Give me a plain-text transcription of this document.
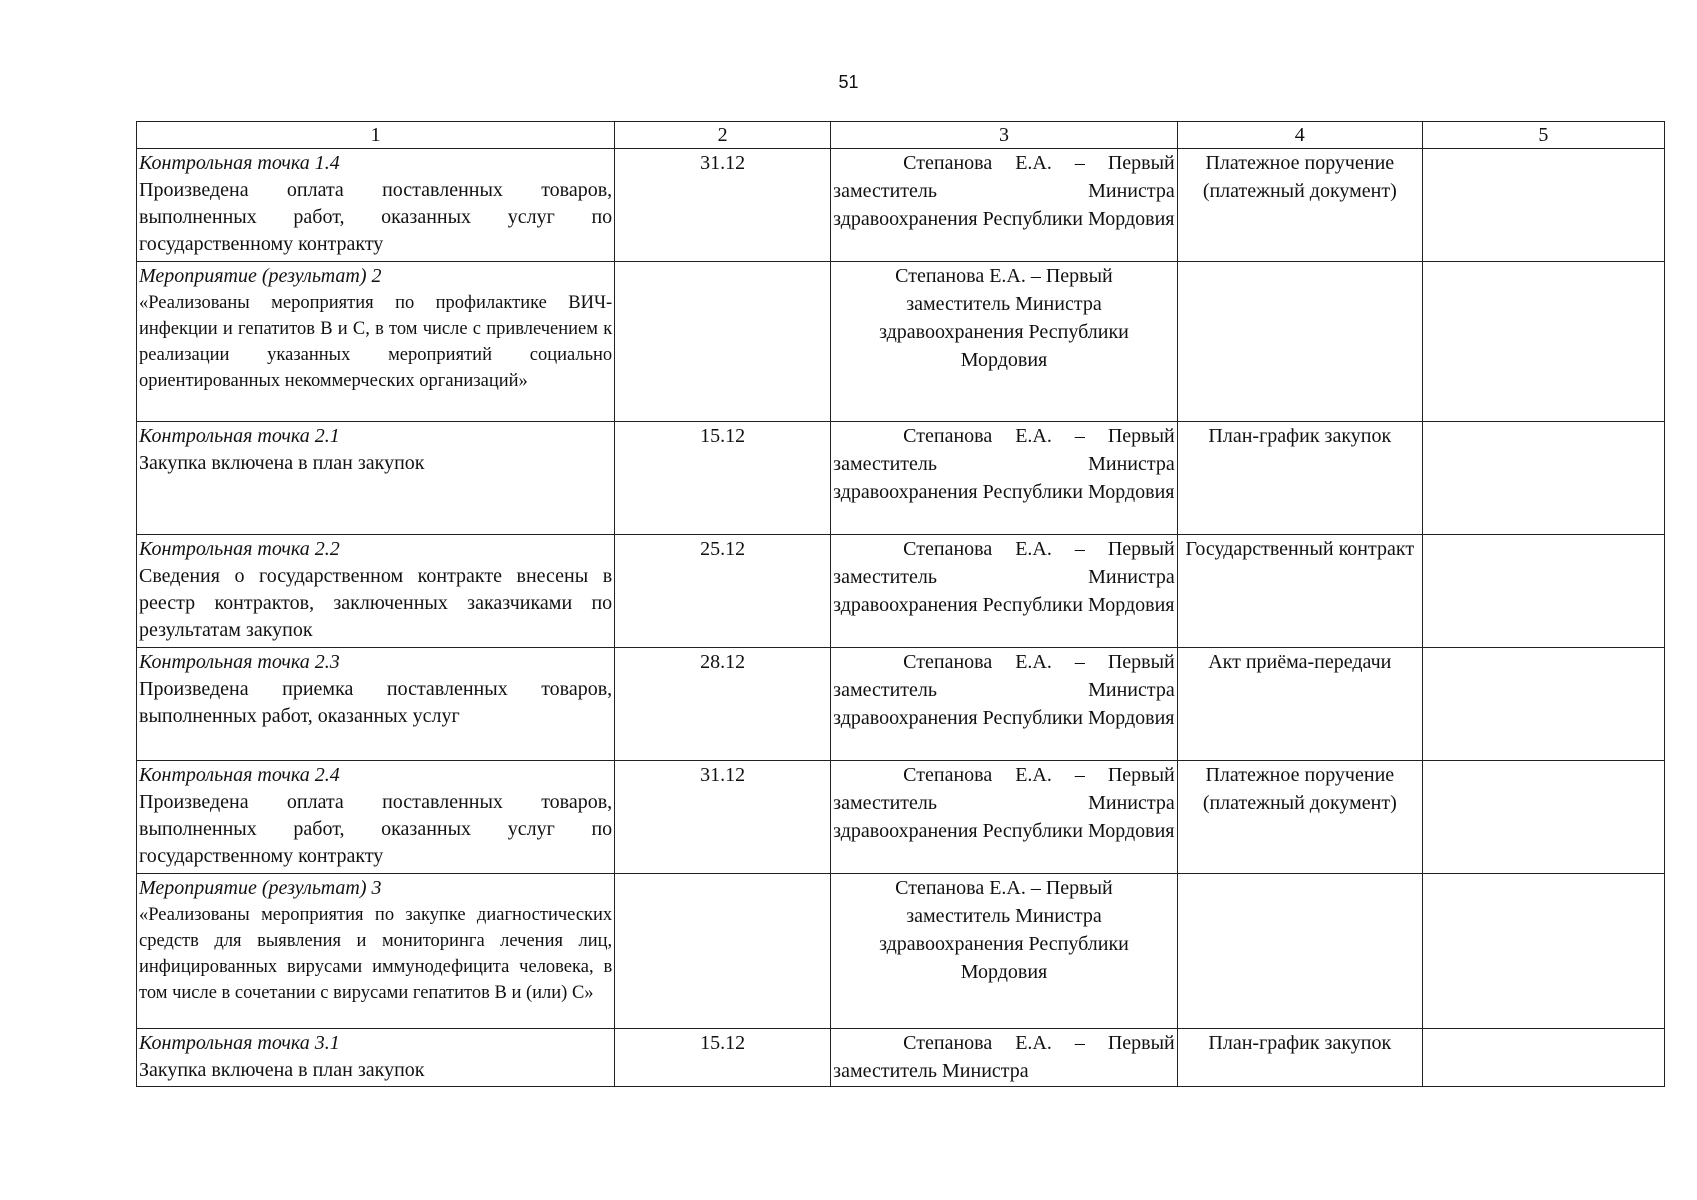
51
1	2	3	4	5

Контрольная точка 1.4
Произведена оплата поставленных товаров, выполненных работ, оказанных услуг по государственному контракту	31.12	Степанова Е.А. – Первый заместитель Министра здравоохранения Республики Мордовия	Платежное поручение (платежный документ)	

Мероприятие (результат) 2
«Реализованы мероприятия по профилактике ВИЧ-инфекции и гепатитов В и С, в том числе с привлечением к реализации указанных мероприятий социально ориентированных некоммерческих организаций»		Степанова Е.А. – Первый заместитель Министра здравоохранения Республики Мордовия		

Контрольная точка 2.1
Закупка включена в план закупок	15.12	Степанова Е.А. – Первый заместитель Министра здравоохранения Республики Мордовия	План-график закупок	

Контрольная точка 2.2
Сведения о государственном контракте внесены в реестр контрактов, заключенных заказчиками по результатам закупок	25.12	Степанова Е.А. – Первый заместитель Министра здравоохранения Республики Мордовия	Государственный контракт	

Контрольная точка 2.3
Произведена приемка поставленных товаров, выполненных работ, оказанных услуг	28.12	Степанова Е.А. – Первый заместитель Министра здравоохранения Республики Мордовия	Акт приёма-передачи	

Контрольная точка 2.4
Произведена оплата поставленных товаров, выполненных работ, оказанных услуг по государственному контракту	31.12	Степанова Е.А. – Первый заместитель Министра здравоохранения Республики Мордовия	Платежное поручение (платежный документ)	

Мероприятие (результат) 3
«Реализованы мероприятия по закупке диагностических средств для выявления и мониторинга лечения лиц, инфицированных вирусами иммунодефицита человека, в том числе в сочетании с вирусами гепатитов В и (или) С»		Степанова Е.А. – Первый заместитель Министра здравоохранения Республики Мордовия		

Контрольная точка 3.1
Закупка включена в план закупок	15.12	Степанова Е.А. – Первый заместитель Министра	План-график закупок	
